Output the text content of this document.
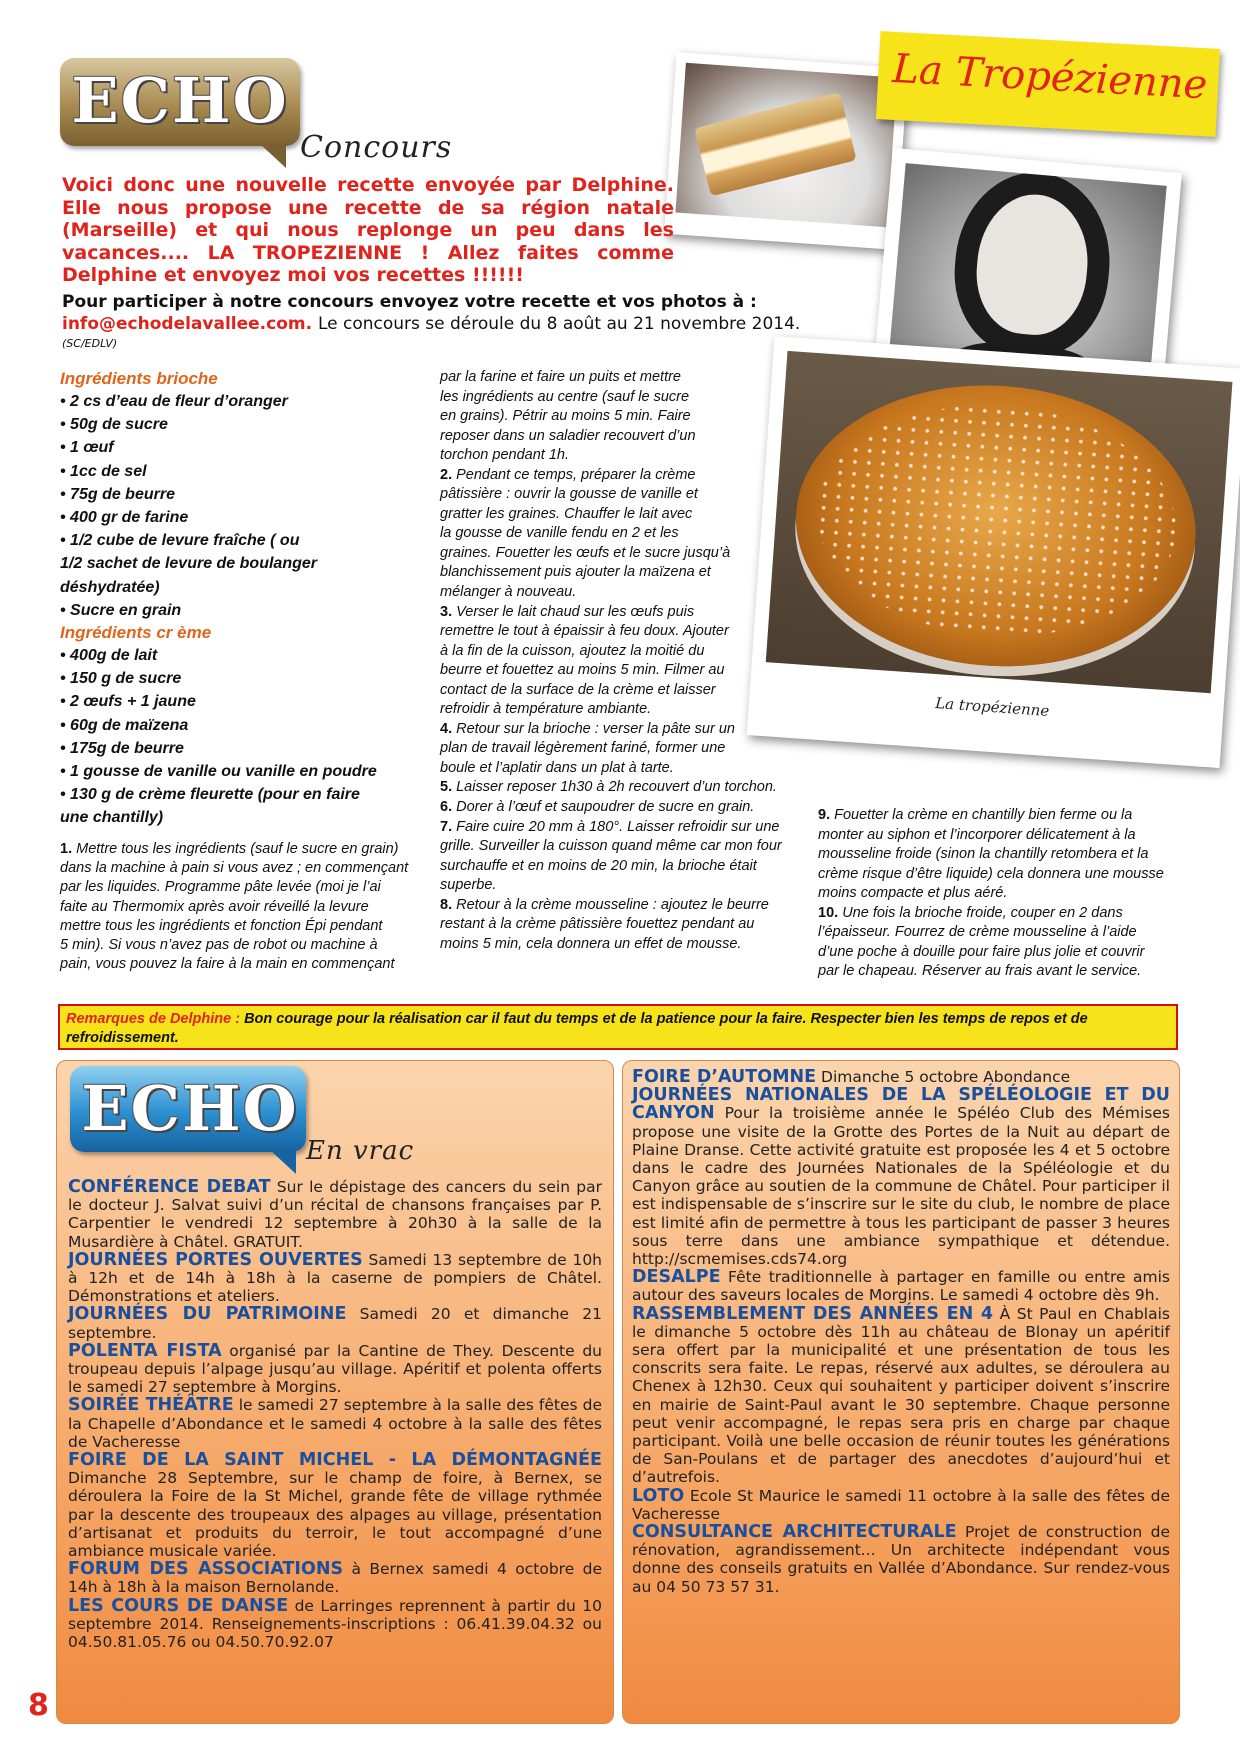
ECHO
Concours
La Tropézienne
La tropézienne
Voici donc une nouvelle recette envoyée par Delphine. Elle nous propose une recette de sa région natale (Marseille) et qui nous replonge un peu dans les vacances.... LA TROPEZIENNE ! Allez faites comme Delphine et envoyez moi vos recettes !!!!!!
Pour participer à notre concours envoyez votre recette et vos photos à :
info@echodelavallee.com. Le concours se déroule du 8 août au 21 novembre 2014.
(SC/EDLV)
Ingrédients brioche
• 2 cs d’eau de fleur d’oranger
• 50g de sucre
• 1 œuf
• 1cc de sel
• 75g de beurre
• 400 gr de farine
• 1/2 cube de levure fraîche ( ou
1/2 sachet de levure de boulanger
déshydratée)
• Sucre en grain
Ingrédients cr ème
• 400g de lait
• 150 g de sucre
• 2 œufs + 1 jaune
• 60g de maïzena
• 175g de beurre
• 1 gousse de vanille ou vanille en poudre
• 130 g de crème fleurette (pour en faire
une chantilly)
1. Mettre tous les ingrédients (sauf le sucre en grain)
dans la machine à pain si vous avez ; en commençant
par les liquides. Programme pâte levée (moi je l’ai
faite au Thermomix après avoir réveillé la levure
mettre tous les ingrédients et fonction Épi pendant
5 min). Si vous n’avez pas de robot ou machine à
pain, vous pouvez la faire à la main en commençant
par la farine et faire un puits et mettre
les ingrédients au centre (sauf le sucre
en grains). Pétrir au moins 5 min. Faire
reposer dans un saladier recouvert d’un
torchon pendant 1h.
2. Pendant ce temps, préparer la crème
pâtissière : ouvrir la gousse de vanille et
gratter les graines. Chauffer le lait avec
la gousse de vanille fendu en 2 et les
graines. Fouetter les œufs et le sucre jusqu’à
blanchissement puis ajouter la maïzena et
mélanger à nouveau.
3. Verser le lait chaud sur les œufs puis
remettre le tout à épaissir à feu doux. Ajouter
à la fin de la cuisson, ajoutez la moitié du
beurre et fouettez au moins 5 min. Filmer au
contact de la surface de la crème et laisser
refroidir à température ambiante.
4. Retour sur la brioche : verser la pâte sur un
plan de travail légèrement fariné, former une
boule et l’aplatir dans un plat à tarte.
5. Laisser reposer 1h30 à 2h recouvert d’un torchon.
6. Dorer à l’œuf et saupoudrer de sucre en grain.
7. Faire cuire 20 mm à 180°. Laisser refroidir sur une
grille. Surveiller la cuisson quand même car mon four
surchauffe et en moins de 20 min, la brioche était
superbe.
8. Retour à la crème mousseline : ajoutez le beurre
restant à la crème pâtissière fouettez pendant au
moins 5 min, cela donnera un effet de mousse.
9. Fouetter la crème en chantilly bien ferme ou la
monter au siphon et l’incorporer délicatement à la
mousseline froide (sinon la chantilly retombera et la
crème risque d’être liquide) cela donnera une mousse
moins compacte et plus aéré.
10. Une fois la brioche froide, couper en 2 dans
l’épaisseur. Fourrez de crème mousseline à l’aide
d’une poche à douille pour faire plus jolie et couvrir
par le chapeau. Réserver au frais avant le service.
Remarques de Delphine : Bon courage pour la réalisation car il faut du temps et de la patience pour la faire. Respecter bien les temps de repos et de refroidissement.
ECHO
En vrac
CONFÉRENCE DEBAT Sur le dépistage des cancers du sein par le docteur J. Salvat suivi d’un récital de chansons françaises par P. Carpentier le vendredi 12 septembre à 20h30 à la salle de la Musardière à Châtel. GRATUIT.
JOURNÉES PORTES OUVERTES Samedi 13 septembre de 10h à 12h et de 14h à 18h à la caserne de pompiers de Châtel. Démonstrations et ateliers.
JOURNÉES DU PATRIMOINE Samedi 20 et dimanche 21 septembre.
POLENTA FISTA organisé par la Cantine de They. Descente du troupeau depuis l’alpage jusqu’au village. Apéritif et polenta offerts le samedi 27 septembre à Morgins.
SOIRÉE THÉÂTRE le samedi 27 septembre à la salle des fêtes de la Chapelle d’Abondance et le samedi 4 octobre à la salle des fêtes de Vacheresse
FOIRE DE LA SAINT MICHEL - LA DÉMONTAGNÉE Dimanche 28 Septembre, sur le champ de foire, à Bernex, se déroulera la Foire de la St Michel, grande fête de village rythmée par la descente des troupeaux des alpages au village, présentation d’artisanat et produits du terroir, le tout accompagné d’une ambiance musicale variée.
FORUM DES ASSOCIATIONS à Bernex samedi 4 octobre de 14h à 18h à la maison Bernolande.
LES COURS DE DANSE de Larringes reprennent à partir du 10 septembre 2014. Renseignements-inscriptions : 06.41.39.04.32 ou 04.50.81.05.76 ou 04.50.70.92.07
FOIRE D’AUTOMNE Dimanche 5 octobre Abondance
JOURNÉES NATIONALES DE LA SPÉLÉOLOGIE ET DU CANYON Pour la troisième année le Spéléo Club des Mémises propose une visite de la Grotte des Portes de la Nuit au départ de Plaine Dranse. Cette activité gratuite est proposée les 4 et 5 octobre dans le cadre des Journées Nationales de la Spéléologie et du Canyon grâce au soutien de la commune de Châtel. Pour participer il est indispensable de s’inscrire sur le site du club, le nombre de place est limité afin de permettre à tous les participant de passer 3 heures sous terre dans une ambiance sympathique et détendue. http://scmemises.cds74.org
DESALPE Fête traditionnelle à partager en famille ou entre amis autour des saveurs locales de Morgins. Le samedi 4 octobre dès 9h.
RASSEMBLEMENT DES ANNÉES EN 4 À St Paul en Chablais le dimanche 5 octobre dès 11h au château de Blonay un apéritif sera offert par la municipalité et une présentation de tous les conscrits sera faite. Le repas, réservé aux adultes, se déroulera au Chenex à 12h30. Ceux qui souhaitent y participer doivent s’inscrire en mairie de Saint-Paul avant le 30 septembre. Chaque personne peut venir accompagné, le repas sera pris en charge par chaque participant. Voilà une belle occasion de réunir toutes les générations de San-Poulans et de partager des anecdotes d’aujourd’hui et d’autrefois.
LOTO Ecole St Maurice le samedi 11 octobre à la salle des fêtes de Vacheresse
CONSULTANCE ARCHITECTURALE Projet de construction de rénovation, agrandissement... Un architecte indépendant vous donne des conseils gratuits en Vallée d’Abondance. Sur rendez-vous au 04 50 73 57 31.
8
